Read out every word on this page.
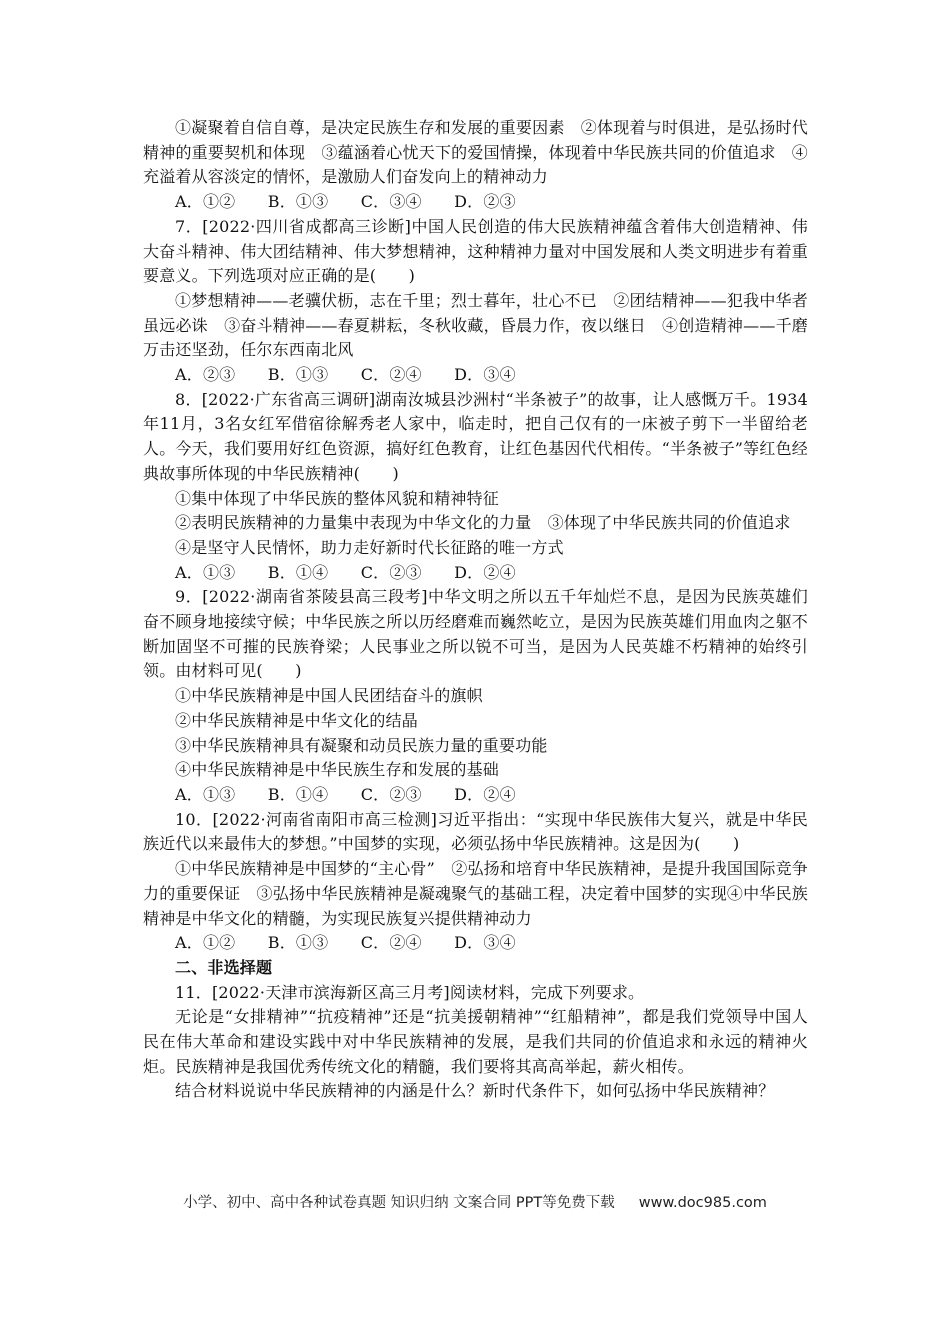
①凝聚着自信自尊，是决定民族生存和发展的重要因素　②体现着与时俱进，是弘扬时代精神的重要契机和体现　③蕴涵着心忧天下的爱国情操，体现着中华民族共同的价值追求　④充溢着从容淡定的情怀，是激励人们奋发向上的精神动力

A．①②　　B．①③　　C．③④　　D．②③

7．[2022·四川省成都高三诊断]中国人民创造的伟大民族精神蕴含着伟大创造精神、伟大奋斗精神、伟大团结精神、伟大梦想精神，这种精神力量对中国发展和人类文明进步有着重要意义。下列选项对应正确的是(　　)

①梦想精神——老骥伏枥，志在千里；烈士暮年，壮心不已　②团结精神——犯我中华者虽远必诛　③奋斗精神——春夏耕耘，冬秋收藏，昏晨力作，夜以继日　④创造精神——千磨万击还坚劲，任尔东西南北风

A．②③　　B．①③　　C．②④　　D．③④

8．[2022·广东省高三调研]湖南汝城县沙洲村“半条被子”的故事，让人感慨万千。1934年11月，3名女红军借宿徐解秀老人家中，临走时，把自己仅有的一床被子剪下一半留给老人。今天，我们要用好红色资源，搞好红色教育，让红色基因代代相传。“半条被子”等红色经典故事所体现的中华民族精神(　　)

①集中体现了中华民族的整体风貌和精神特征

②表明民族精神的力量集中表现为中华文化的力量　③体现了中华民族共同的价值追求

④是坚守人民情怀，助力走好新时代长征路的唯一方式

A．①③　　B．①④　　C．②③　　D．②④

9．[2022·湖南省茶陵县高三段考]中华文明之所以五千年灿烂不息，是因为民族英雄们奋不顾身地接续守候；中华民族之所以历经磨难而巍然屹立，是因为民族英雄们用血肉之躯不断加固坚不可摧的民族脊梁；人民事业之所以锐不可当，是因为人民英雄不朽精神的始终引领。由材料可见(　　)

①中华民族精神是中国人民团结奋斗的旗帜

②中华民族精神是中华文化的结晶

③中华民族精神具有凝聚和动员民族力量的重要功能

④中华民族精神是中华民族生存和发展的基础

A．①③　　B．①④　　C．②③　　D．②④

10．[2022·河南省南阳市高三检测]习近平指出：“实现中华民族伟大复兴，就是中华民族近代以来最伟大的梦想。”中国梦的实现，必须弘扬中华民族精神。这是因为(　　)

①中华民族精神是中国梦的“主心骨”　②弘扬和培育中华民族精神，是提升我国国际竞争力的重要保证　③弘扬中华民族精神是凝魂聚气的基础工程，决定着中国梦的实现④中华民族精神是中华文化的精髓，为实现民族复兴提供精神动力

A．①②　　B．①③　　C．②④　　D．③④

二、非选择题

11．[2022·天津市滨海新区高三月考]阅读材料，完成下列要求。

无论是“女排精神”“抗疫精神”还是“抗美援朝精神”“红船精神”，都是我们党领导中国人民在伟大革命和建设实践中对中华民族精神的发展，是我们共同的价值追求和永远的精神火炬。民族精神是我国优秀传统文化的精髓，我们要将其高高举起，薪火相传。

结合材料说说中华民族精神的内涵是什么？新时代条件下，如何弘扬中华民族精神？

小学、初中、高中各种试卷真题 知识归纳 文案合同 PPT等免费下载 www.doc985.com
